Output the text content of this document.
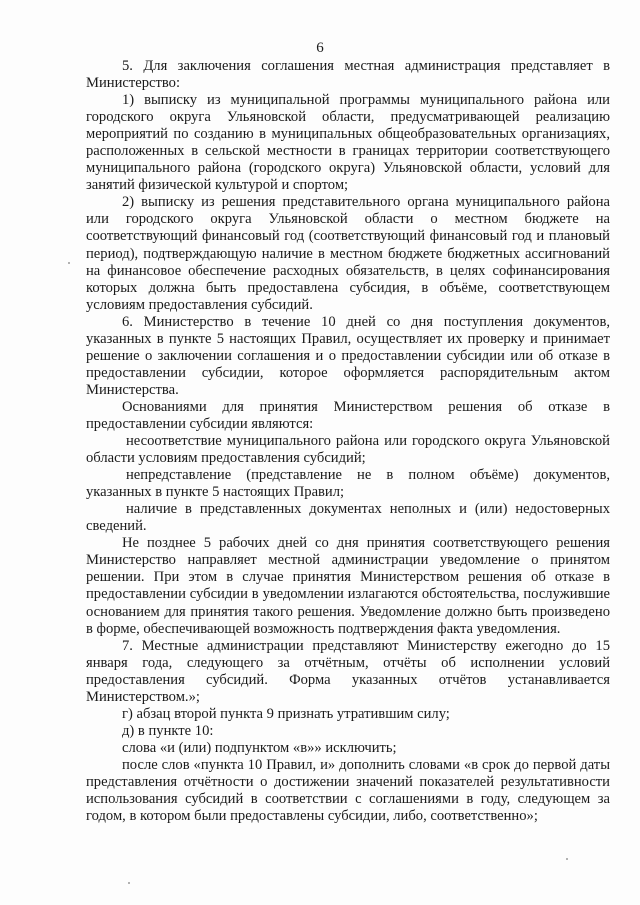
6

5. Для заключения соглашения местная администрация представляет в Министерство:

1) выписку из муниципальной программы муниципального района или городского округа Ульяновской области, предусматривающей реализацию мероприятий по созданию в муниципальных общеобразовательных организациях, расположенных в сельской местности в границах территории соответствующего муниципального района (городского округа) Ульяновской области, условий для занятий физической культурой и спортом;

2) выписку из решения представительного органа муниципального района или городского округа Ульяновской области о местном бюджете на соответствующий финансовый год (соответствующий финансовый год и плановый период), подтверждающую наличие в местном бюджете бюджетных ассигнований на финансовое обеспечение расходных обязательств, в целях софинансирования которых должна быть предоставлена субсидия, в объёме, соответствующем условиям предоставления субсидий.

6. Министерство в течение 10 дней со дня поступления документов, указанных в пункте 5 настоящих Правил, осуществляет их проверку и принимает решение о заключении соглашения и о предоставлении субсидии или об отказе в предоставлении субсидии, которое оформляется распорядительным актом Министерства.

Основаниями для принятия Министерством решения об отказе в предоставлении субсидии являются:

несоответствие муниципального района или городского округа Ульяновской области условиям предоставления субсидий;

непредставление (представление не в полном объёме) документов, указанных в пункте 5 настоящих Правил;

наличие в представленных документах неполных и (или) недостоверных сведений.

Не позднее 5 рабочих дней со дня принятия соответствующего решения Министерство направляет местной администрации уведомление о принятом решении. При этом в случае принятия Министерством решения об отказе в предоставлении субсидии в уведомлении излагаются обстоятельства, послужившие основанием для принятия такого решения. Уведомление должно быть произведено в форме, обеспечивающей возможность подтверждения факта уведомления.

7. Местные администрации представляют Министерству ежегодно до 15 января года, следующего за отчётным, отчёты об исполнении условий предоставления субсидий. Форма указанных отчётов устанавливается Министерством.»;

г) абзац второй пункта 9 признать утратившим силу;

д) в пункте 10:

слова «и (или) подпунктом «в»» исключить;

после слов «пункта 10 Правил, и» дополнить словами «в срок до первой даты представления отчётности о достижении значений показателей результативности использования субсидий в соответствии с соглашениями в году, следующем за годом, в котором были предоставлены субсидии, либо, соответственно»;
